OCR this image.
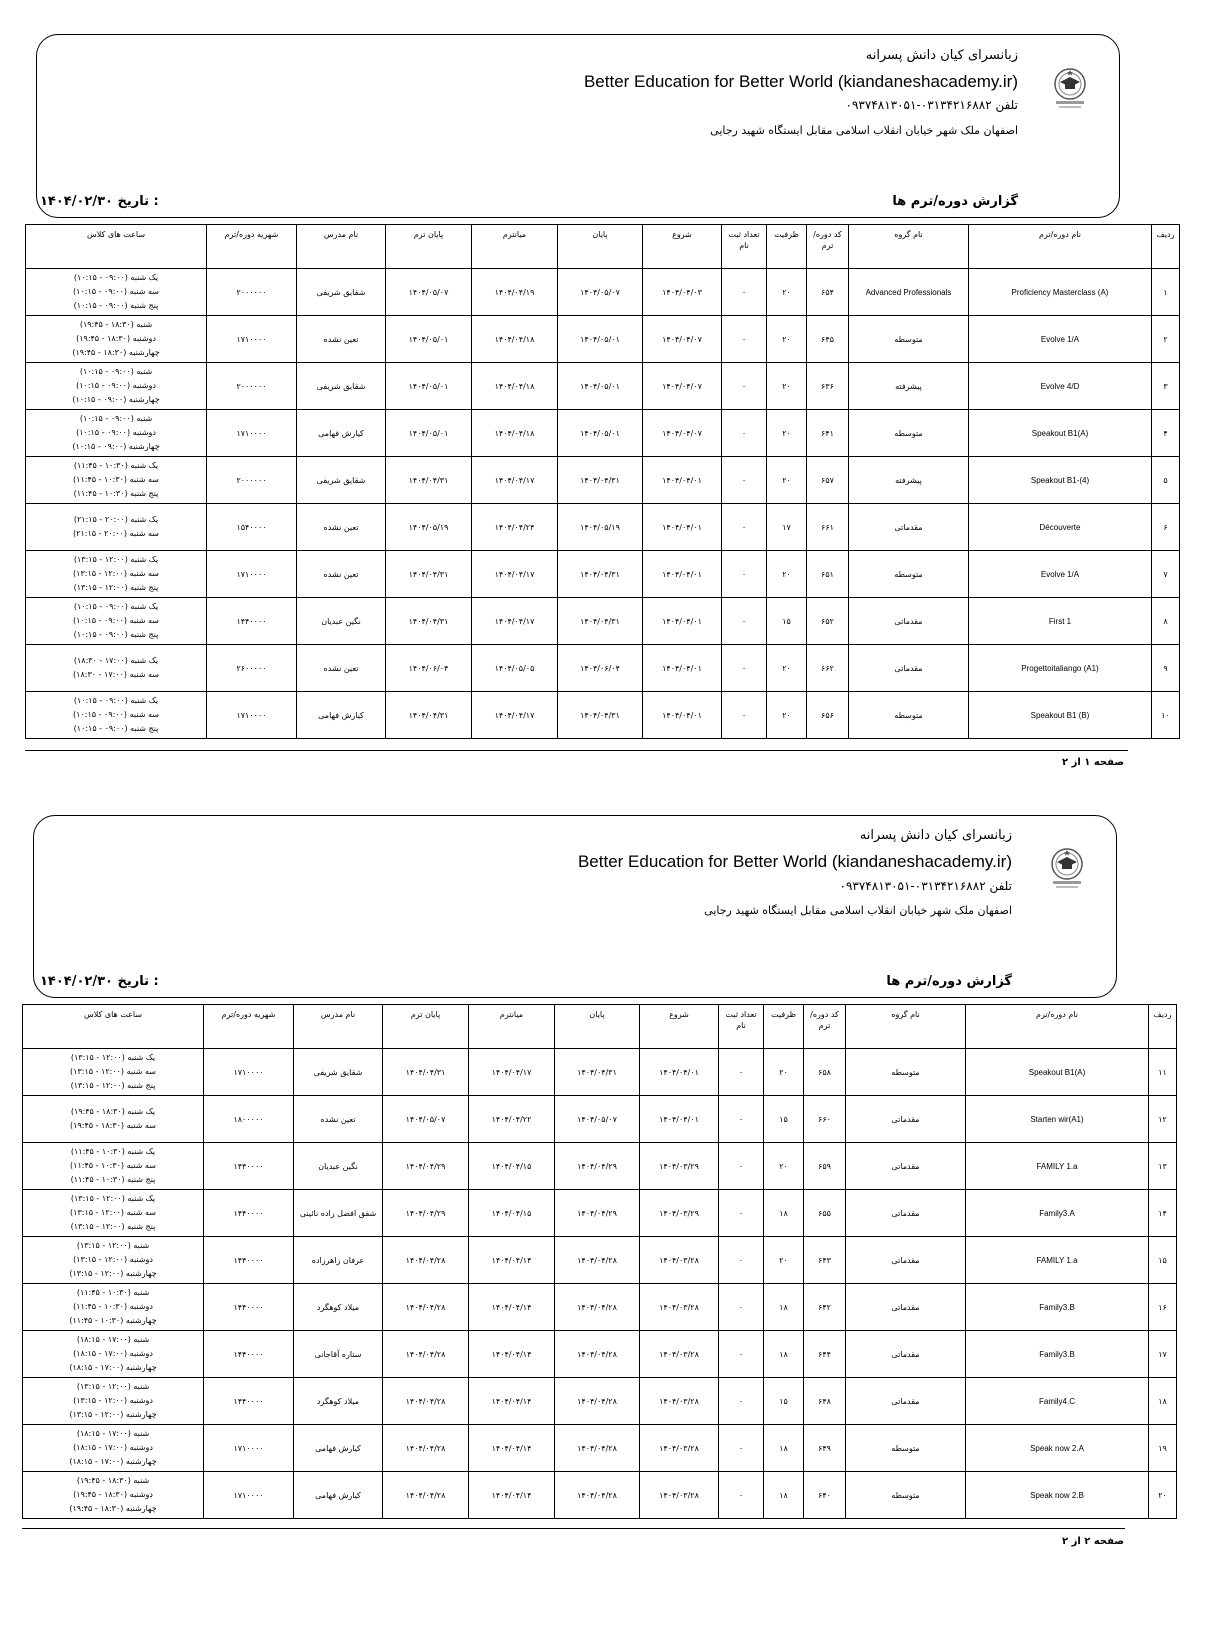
زبانسرای کیان دانش پسرانه
Better Education for Better World (kiandaneshacademy.ir)
۰۹۳۷۴۸۱۳۰۵۱-۰۳۱۳۴۲۱۶۸۸۲ تلفن
اصفهان ملک شهر خیابان انقلاب اسلامی مقابل ایستگاه شهید رجایی
گزارش دوره/ترم ها
۱۴۰۴/۰۲/۳۰ تاریخ :
ردیف	نام دوره/ترم	نام گروه	کد دوره/ترم	ظرفیت	تعداد ثبت نام	شروع	پایان	میانترم	پایان ترم	نام مدرس	شهریه دوره/ترم	ساعت های کلاس
۱	Proficiency Masterclass (A)	Advanced Professionals	۶۵۴	۲۰	۰	۱۴۰۴/۰۴/۰۳	۱۴۰۴/۰۵/۰۷	۱۴۰۴/۰۴/۱۹	۱۴۰۴/۰۵/۰۷	شقایق شریفی	۲۰۰۰۰۰۰	یک شنبه (۰۹:۰۰ - ۱۰:۱۵)
سه شنبه (۰۹:۰۰ - ۱۰:۱۵)
پنج شنبه (۰۹:۰۰ - ۱۰:۱۵)

۲	Evolve 1/A	متوسطه	۶۴۵	۲۰	۰	۱۴۰۴/۰۴/۰۷	۱۴۰۴/۰۵/۰۱	۱۴۰۴/۰۴/۱۸	۱۴۰۴/۰۵/۰۱	تعین نشده	۱۷۱۰۰۰۰	شنبه (۱۸:۳۰ - ۱۹:۴۵)
دوشنبه (۱۸:۳۰ - ۱۹:۴۵)
چهارشنبه (۱۸:۳۰ - ۱۹:۴۵)

۳	Evolve 4/D	پیشرفته	۶۳۶	۲۰	۰	۱۴۰۴/۰۴/۰۷	۱۴۰۴/۰۵/۰۱	۱۴۰۴/۰۴/۱۸	۱۴۰۴/۰۵/۰۱	شقایق شریفی	۲۰۰۰۰۰۰	شنبه (۰۹:۰۰ - ۱۰:۱۵)
دوشنبه (۰۹:۰۰ - ۱۰:۱۵)
چهارشنبه (۰۹:۰۰ - ۱۰:۱۵)

۴	Speakout B1(A)	متوسطه	۶۴۱	۲۰	۰	۱۴۰۴/۰۴/۰۷	۱۴۰۴/۰۵/۰۱	۱۴۰۴/۰۴/۱۸	۱۴۰۴/۰۵/۰۱	کیارش فهامی	۱۷۱۰۰۰۰	شنبه (۰۹:۰۰ - ۱۰:۱۵)
دوشنبه (۰۹:۰۰ - ۱۰:۱۵)
چهارشنبه (۰۹:۰۰ - ۱۰:۱۵)

۵	Speakout B1-(4)	پیشرفته	۶۵۷	۲۰	۰	۱۴۰۴/۰۴/۰۱	۱۴۰۴/۰۴/۳۱	۱۴۰۴/۰۴/۱۷	۱۴۰۴/۰۴/۳۱	شقایق شریفی	۲۰۰۰۰۰۰	یک شنبه (۱۰:۳۰ - ۱۱:۴۵)
سه شنبه (۱۰:۳۰ - ۱۱:۴۵)
پنج شنبه (۱۰:۳۰ - ۱۱:۴۵)

۶	Découverte	مقدماتی	۶۶۱	۱۷	۰	۱۴۰۴/۰۴/۰۱	۱۴۰۴/۰۵/۱۹	۱۴۰۴/۰۴/۲۴	۱۴۰۴/۰۵/۱۹	تعین نشده	۱۵۴۰۰۰۰	یک شنبه (۲۰:۰۰ - ۲۱:۱۵)
سه شنبه (۲۰:۰۰ - ۲۱:۱۵)

۷	Evolve 1/A	متوسطه	۶۵۱	۲۰	۰	۱۴۰۴/۰۴/۰۱	۱۴۰۴/۰۴/۳۱	۱۴۰۴/۰۴/۱۷	۱۴۰۴/۰۴/۳۱	تعین نشده	۱۷۱۰۰۰۰	یک شنبه (۱۲:۰۰ - ۱۳:۱۵)
سه شنبه (۱۲:۰۰ - ۱۳:۱۵)
پنج شنبه (۱۲:۰۰ - ۱۳:۱۵)

۸	First 1	مقدماتی	۶۵۲	۱۵	۰	۱۴۰۴/۰۴/۰۱	۱۴۰۴/۰۴/۳۱	۱۴۰۴/۰۴/۱۷	۱۴۰۴/۰۴/۳۱	نگین عبدیان	۱۴۴۰۰۰۰	یک شنبه (۰۹:۰۰ - ۱۰:۱۵)
سه شنبه (۰۹:۰۰ - ۱۰:۱۵)
پنج شنبه (۰۹:۰۰ - ۱۰:۱۵)

۹	Progettoitaliango (A1)	مقدماتی	۶۶۲	۲۰	۰	۱۴۰۴/۰۴/۰۱	۱۴۰۴/۰۶/۰۴	۱۴۰۴/۰۵/۰۵	۱۴۰۴/۰۶/۰۴	تعین نشده	۲۶۰۰۰۰۰	یک شنبه (۱۷:۰۰ - ۱۸:۳۰)
سه شنبه (۱۷:۰۰ - ۱۸:۳۰)

۱۰	Speakout B1 (B)	متوسطه	۶۵۶	۲۰	۰	۱۴۰۴/۰۴/۰۱	۱۴۰۴/۰۴/۳۱	۱۴۰۴/۰۴/۱۷	۱۴۰۴/۰۴/۳۱	کیارش فهامی	۱۷۱۰۰۰۰	یک شنبه (۰۹:۰۰ - ۱۰:۱۵)
سه شنبه (۰۹:۰۰ - ۱۰:۱۵)
پنج شنبه (۰۹:۰۰ - ۱۰:۱۵)
صفحه ۱ از ۲
زبانسرای کیان دانش پسرانه
Better Education for Better World (kiandaneshacademy.ir)
۰۹۳۷۴۸۱۳۰۵۱-۰۳۱۳۴۲۱۶۸۸۲ تلفن
اصفهان ملک شهر خیابان انقلاب اسلامی مقابل ایستگاه شهید رجایی
گزارش دوره/ترم ها
۱۴۰۴/۰۲/۳۰ تاریخ :
ردیف	نام دوره/ترم	نام گروه	کد دوره/ترم	ظرفیت	تعداد ثبت نام	شروع	پایان	میانترم	پایان ترم	نام مدرس	شهریه دوره/ترم	ساعت های کلاس
۱۱	Speakout B1(A)	متوسطه	۶۵۸	۲۰	۰	۱۴۰۴/۰۴/۰۱	۱۴۰۴/۰۴/۳۱	۱۴۰۴/۰۴/۱۷	۱۴۰۴/۰۴/۳۱	شقایق شریفی	۱۷۱۰۰۰۰	یک شنبه (۱۲:۰۰ - ۱۳:۱۵)
سه شنبه (۱۲:۰۰ - ۱۳:۱۵)
پنج شنبه (۱۲:۰۰ - ۱۳:۱۵)

۱۲	Starten wir(A1)	مقدماتی	۶۶۰	۱۵	۰	۱۴۰۴/۰۴/۰۱	۱۴۰۴/۰۵/۰۷	۱۴۰۴/۰۴/۲۲	۱۴۰۴/۰۵/۰۷	تعین نشده	۱۸۰۰۰۰۰	یک شنبه (۱۸:۳۰ - ۱۹:۴۵)
سه شنبه (۱۸:۳۰ - ۱۹:۴۵)

۱۳	FAMILY 1.a	مقدماتی	۶۵۹	۲۰	۰	۱۴۰۴/۰۳/۲۹	۱۴۰۴/۰۴/۲۹	۱۴۰۴/۰۴/۱۵	۱۴۰۴/۰۴/۲۹	نگین عبدیان	۱۴۴۰۰۰۰	یک شنبه (۱۰:۳۰ - ۱۱:۴۵)
سه شنبه (۱۰:۳۰ - ۱۱:۴۵)
پنج شنبه (۱۰:۳۰ - ۱۱:۴۵)

۱۴	Family3.A	مقدماتی	۶۵۵	۱۸	۰	۱۴۰۴/۰۳/۲۹	۱۴۰۴/۰۴/۲۹	۱۴۰۴/۰۴/۱۵	۱۴۰۴/۰۴/۲۹	شفق افضل زاده نائینی	۱۴۴۰۰۰۰	یک شنبه (۱۲:۰۰ - ۱۳:۱۵)
سه شنبه (۱۲:۰۰ - ۱۳:۱۵)
پنج شنبه (۱۲:۰۰ - ۱۳:۱۵)

۱۵	FAMILY 1.a	مقدماتی	۶۴۳	۲۰	۰	۱۴۰۴/۰۳/۲۸	۱۴۰۴/۰۴/۲۸	۱۴۰۴/۰۴/۱۴	۱۴۰۴/۰۴/۲۸	عرفان زاهرزاده	۱۴۴۰۰۰۰	شنبه (۱۲:۰۰ - ۱۳:۱۵)
دوشنبه (۱۲:۰۰ - ۱۳:۱۵)
چهارشنبه (۱۲:۰۰ - ۱۳:۱۵)

۱۶	Family3.B	مقدماتی	۶۴۲	۱۸	۰	۱۴۰۴/۰۳/۲۸	۱۴۰۴/۰۴/۲۸	۱۴۰۴/۰۴/۱۴	۱۴۰۴/۰۴/۲۸	میلاد کوهگرد	۱۴۴۰۰۰۰	شنبه (۱۰:۳۰ - ۱۱:۴۵)
دوشنبه (۱۰:۳۰ - ۱۱:۴۵)
چهارشنبه (۱۰:۳۰ - ۱۱:۴۵)

۱۷	Family3.B	مقدماتی	۶۴۴	۱۸	۰	۱۴۰۴/۰۳/۲۸	۱۴۰۴/۰۴/۲۸	۱۴۰۴/۰۴/۱۴	۱۴۰۴/۰۴/۲۸	ستاره آقاجانی	۱۴۴۰۰۰۰	شنبه (۱۷:۰۰ - ۱۸:۱۵)
دوشنبه (۱۷:۰۰ - ۱۸:۱۵)
چهارشنبه (۱۷:۰۰ - ۱۸:۱۵)

۱۸	Family4.C	مقدماتی	۶۴۸	۱۵	۰	۱۴۰۴/۰۳/۲۸	۱۴۰۴/۰۴/۲۸	۱۴۰۴/۰۴/۱۴	۱۴۰۴/۰۴/۲۸	میلاد کوهگرد	۱۴۴۰۰۰۰	شنبه (۱۲:۰۰ - ۱۳:۱۵)
دوشنبه (۱۲:۰۰ - ۱۳:۱۵)
چهارشنبه (۱۲:۰۰ - ۱۳:۱۵)

۱۹	Speak now 2.A	متوسطه	۶۴۹	۱۸	۰	۱۴۰۴/۰۳/۲۸	۱۴۰۴/۰۴/۲۸	۱۴۰۴/۰۴/۱۴	۱۴۰۴/۰۴/۲۸	کیارش فهامی	۱۷۱۰۰۰۰	شنبه (۱۷:۰۰ - ۱۸:۱۵)
دوشنبه (۱۷:۰۰ - ۱۸:۱۵)
چهارشنبه (۱۷:۰۰ - ۱۸:۱۵)

۲۰	Speak now 2.B	متوسطه	۶۴۰	۱۸	۰	۱۴۰۴/۰۳/۲۸	۱۴۰۴/۰۴/۲۸	۱۴۰۴/۰۴/۱۴	۱۴۰۴/۰۴/۲۸	کیارش فهامی	۱۷۱۰۰۰۰	شنبه (۱۸:۳۰ - ۱۹:۴۵)
دوشنبه (۱۸:۳۰ - ۱۹:۴۵)
چهارشنبه (۱۸:۳۰ - ۱۹:۴۵)
صفحه ۲ از ۲
